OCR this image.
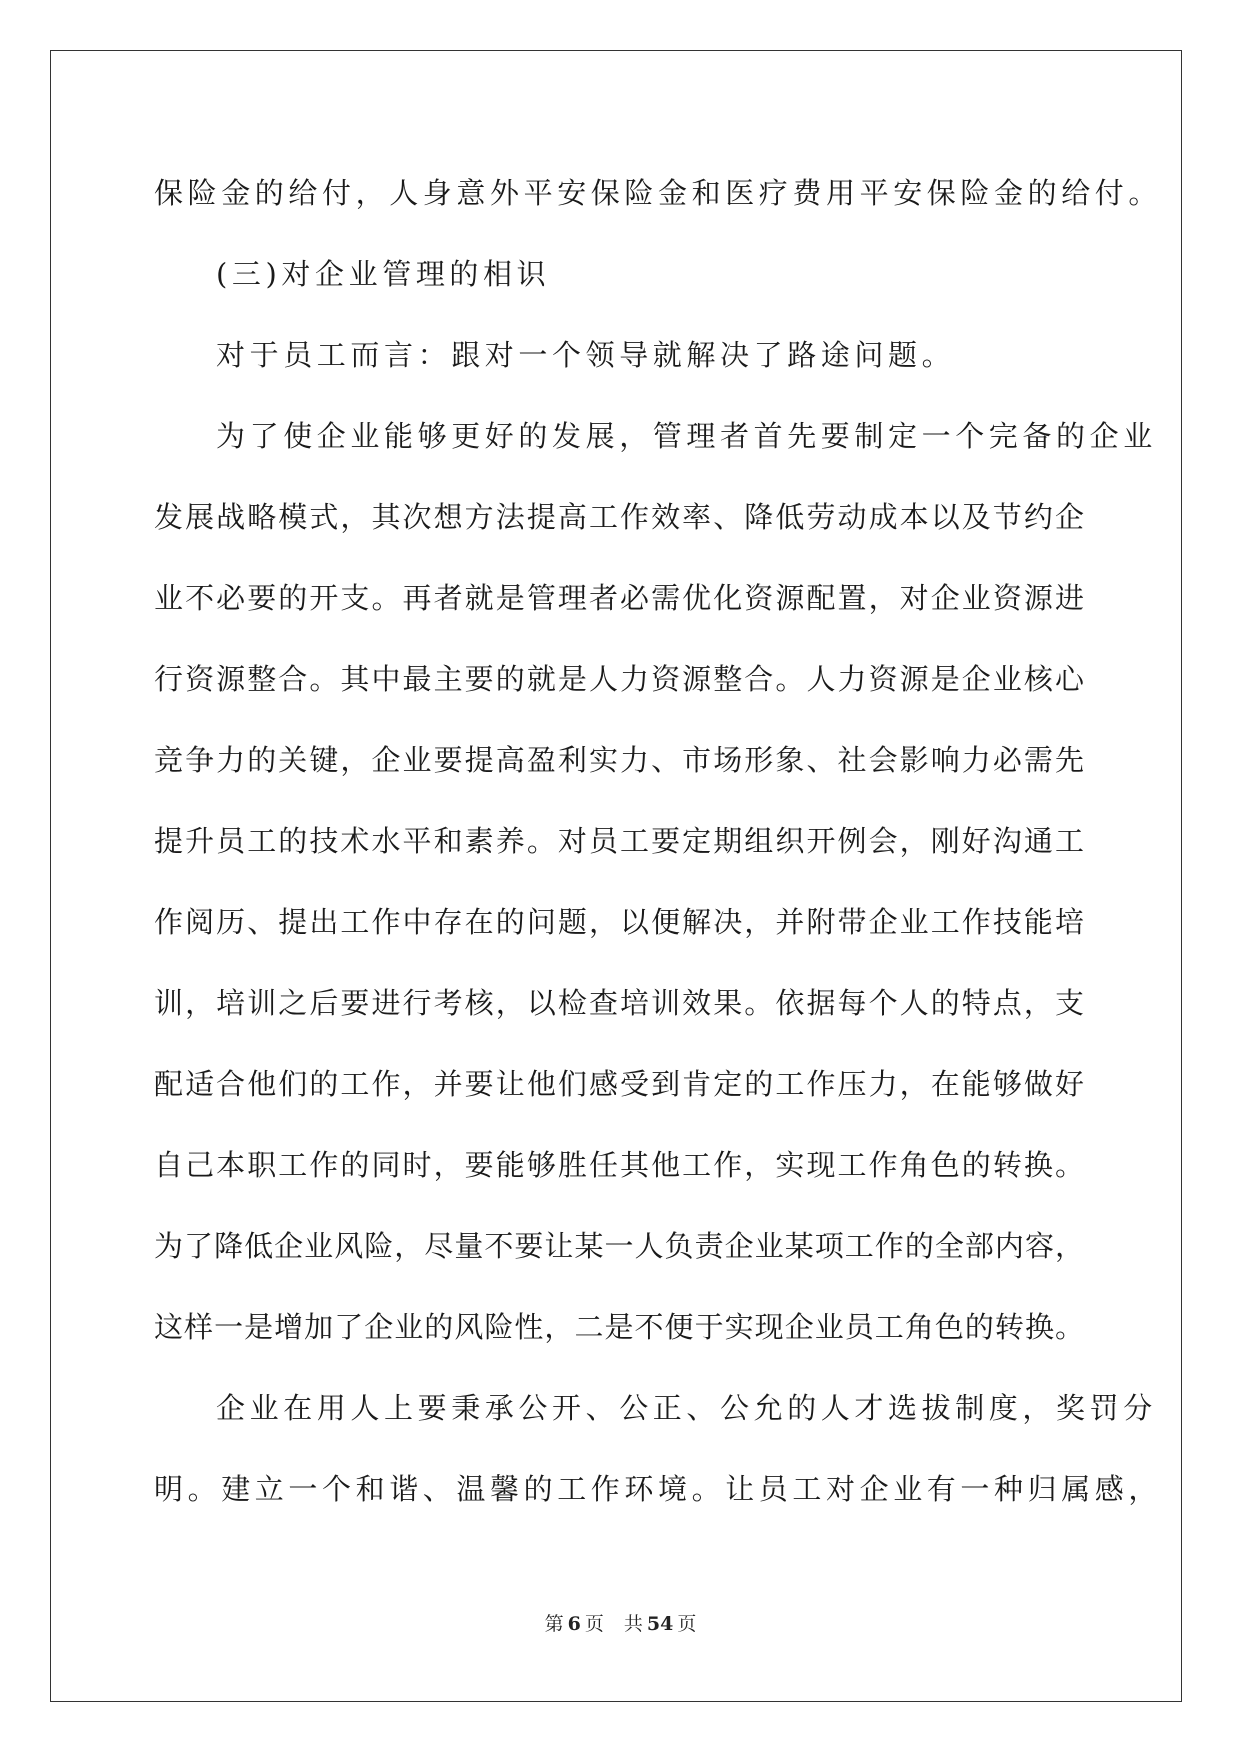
保险金的给付，人身意外平安保险金和医疗费用平安保险金的给付。
(三)对企业管理的相识
对于员工而言：跟对一个领导就解决了路途问题。
为了使企业能够更好的发展，管理者首先要制定一个完备的企业
发展战略模式，其次想方法提高工作效率、降低劳动成本以及节约企
业不必要的开支。再者就是管理者必需优化资源配置，对企业资源进
行资源整合。其中最主要的就是人力资源整合。人力资源是企业核心
竞争力的关键，企业要提高盈利实力、市场形象、社会影响力必需先
提升员工的技术水平和素养。对员工要定期组织开例会，刚好沟通工
作阅历、提出工作中存在的问题，以便解决，并附带企业工作技能培
训，培训之后要进行考核，以检查培训效果。依据每个人的特点，支
配适合他们的工作，并要让他们感受到肯定的工作压力，在能够做好
自己本职工作的同时，要能够胜任其他工作，实现工作角色的转换。
为了降低企业风险，尽量不要让某一人负责企业某项工作的全部内容，
这样一是增加了企业的风险性，二是不便于实现企业员工角色的转换。
企业在用人上要秉承公开、公正、公允的人才选拔制度，奖罚分
明。建立一个和谐、温馨的工作环境。让员工对企业有一种归属感，
第 6 页 共 54 页
